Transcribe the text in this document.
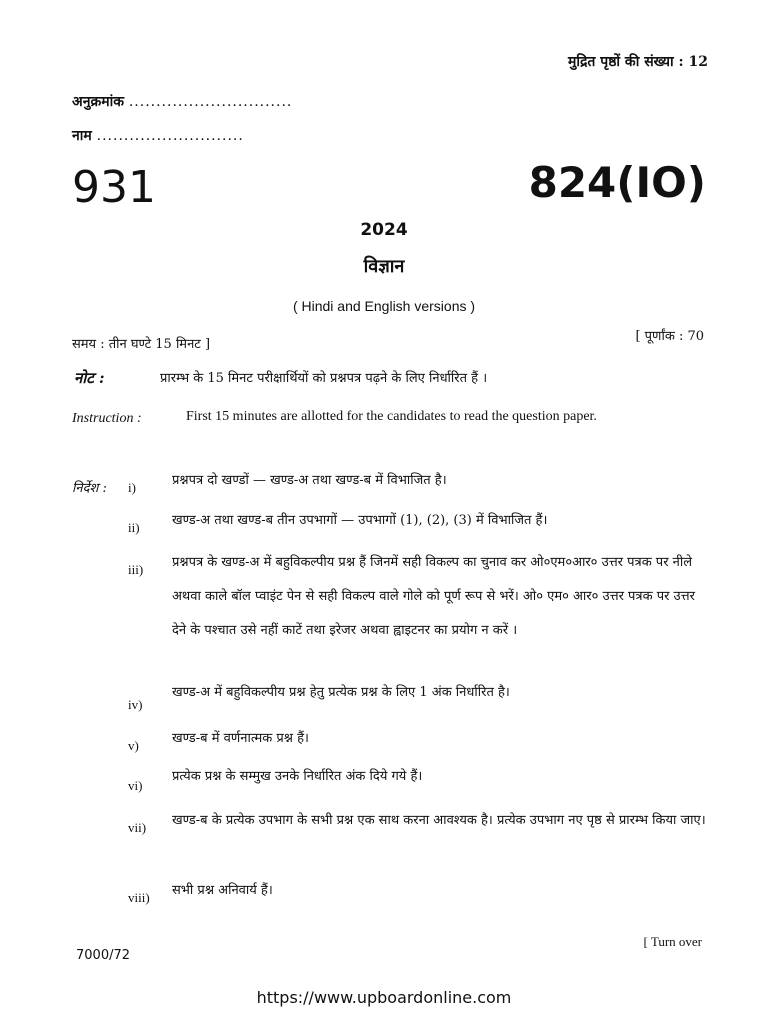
मुद्रित पृष्ठों की संख्या : 12
अनुक्रमांक ..............................
नाम ...........................
931	824(IO)
2024
विज्ञान
( Hindi and English versions )
समय : तीन घण्टे 15 मिनट ]
[ पूर्णांक : 70
नोट :	प्रारम्भ के 15 मिनट परीक्षार्थियों को प्रश्नपत्र पढ़ने के लिए निर्धारित हैं ।
Instruction :	First 15 minutes are allotted for the candidates to read the question paper.
निर्देश : i)	प्रश्नपत्र दो खण्डों — खण्ड-अ तथा खण्ड-ब में विभाजित है।
ii) खण्ड-अ तथा खण्ड-ब तीन उपभागों — उपभागों (1), (2), (3) में विभाजित हैं।
iii) प्रश्नपत्र के खण्ड-अ में बहुविकल्पीय प्रश्न हैं जिनमें सही विकल्प का चुनाव कर ओ०एम०आर० उत्तर पत्रक पर नीले अथवा काले बॉल प्वाइंट पेन से सही विकल्प वाले गोले को पूर्ण रूप से भरें। ओ० एम० आर० उत्तर पत्रक पर उत्तर देने के पश्चात उसे नहीं काटें तथा इरेजर अथवा ह्वाइटनर का प्रयोग न करें ।
iv)
खण्ड-अ में बहुविकल्पीय प्रश्न हेतु प्रत्येक प्रश्न के लिए 1 अंक निर्धारित है।
v)	खण्ड-ब में वर्णनात्मक प्रश्न हैं।
vi)
प्रत्येक प्रश्न के सम्मुख उनके निर्धारित अंक दिये गये हैं।
vii) खण्ड-ब के प्रत्येक उपभाग के सभी प्रश्न एक साथ करना आवश्यक है। प्रत्येक उपभाग नए पृष्ठ से प्रारम्भ किया जाए।
viii) सभी प्रश्न अनिवार्य हैं।
[ Turn over
7000/72
https://www.upboardonline.com
